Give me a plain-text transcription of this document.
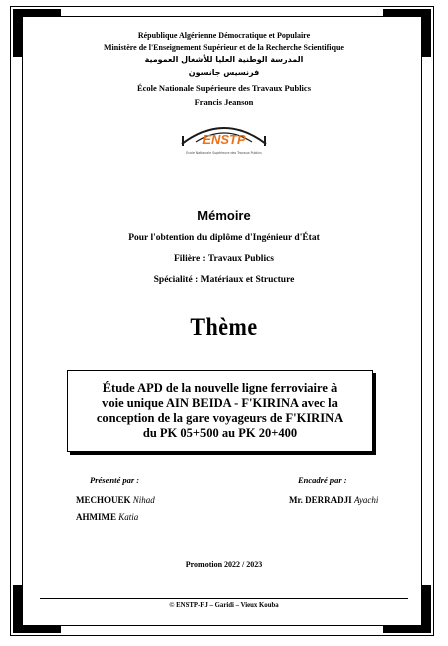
République Algérienne Démocratique et Populaire
Ministère de l'Enseignement Supérieur et de la Recherche Scientifique
المدرسة الوطنية العليا للأشغال العمومية
فرنسيس جانسون
École Nationale Supérieure des Travaux Publics
Francis Jeanson
ENSTP
Ecole Nationale Supérieure des Travaux Publics
Mémoire
Pour l'obtention du diplôme d'Ingénieur d'État
Filière : Travaux Publics
Spécialité : Matériaux et Structure
Thème
Étude APD de la nouvelle ligne ferroviaire à
voie unique AIN BEIDA - F'KIRINA avec la
conception de la gare voyageurs de F'KIRINA
du PK 05+500 au PK 20+400
Présenté par :	Encadré par :
MECHOUEK Nihad
AHMIME Katia
Mr. DERRADJI Ayachi
Promotion 2022 / 2023
© ENSTP-FJ – Garidi – Vieux Kouba
